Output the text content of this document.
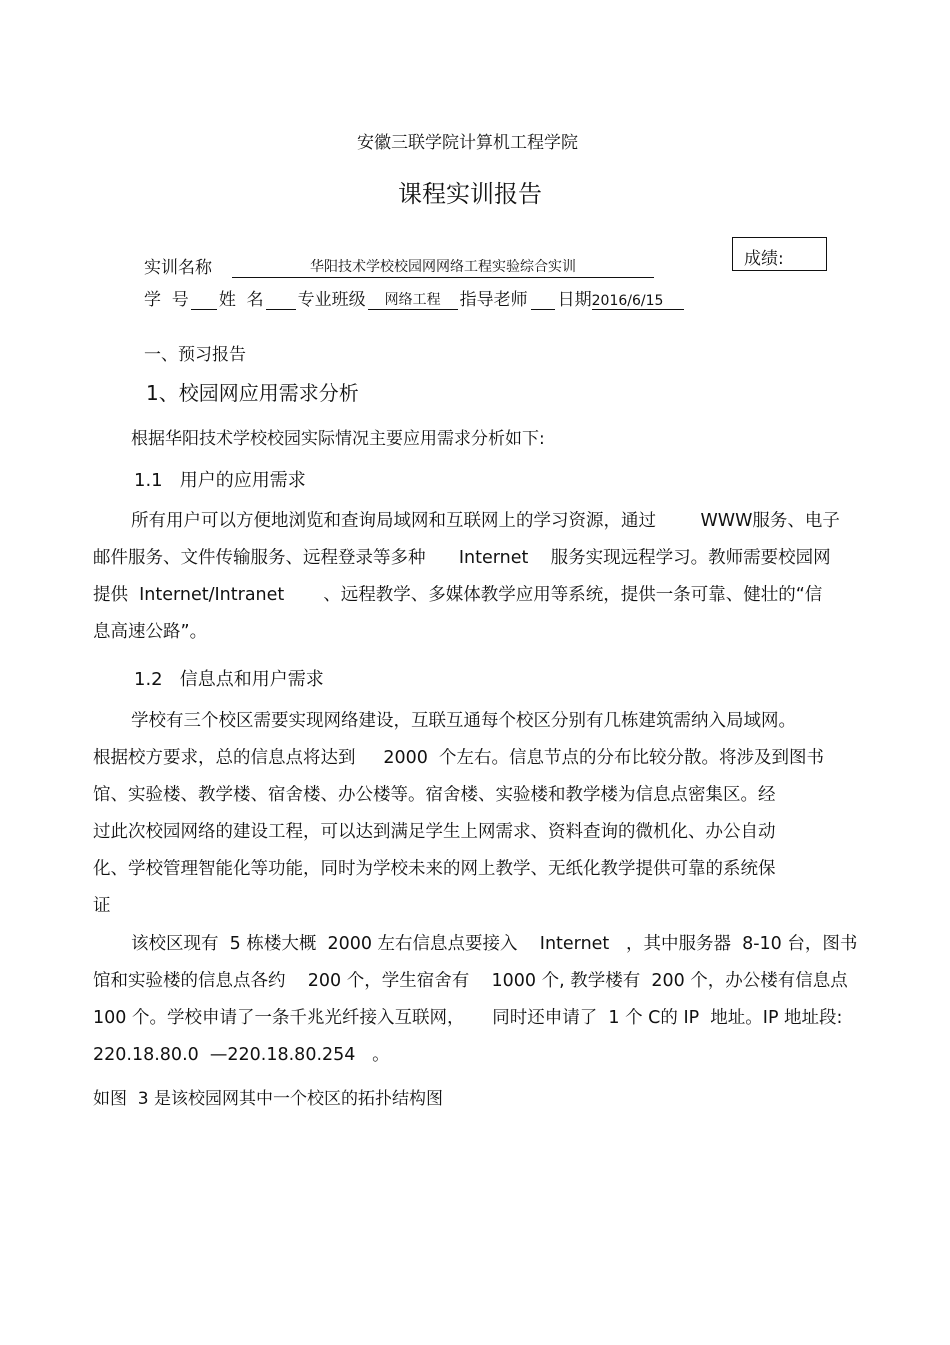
安徽三联学院计算机工程学院
课程实训报告
成绩:
实训名称	华阳技术学校校园网网络工程实验综合实训
学  号 姓  名 专业班级	网络工程	指导老师 日期 2016/6/15
一、预习报告
1、校园网应用需求分析
根据华阳技术学校校园实际情况主要应用需求分析如下:
1.1   用户的应用需求
所有用户可以方便地浏览和查询局域网和互联网上的学习资源，通过        WWW服务、电子
邮件服务、文件传输服务、远程登录等多种      Internet    服务实现远程学习。教师需要校园网
提供  Internet/Intranet       、远程教学、多媒体教学应用等系统，提供一条可靠、健壮的“信
息高速公路”。
1.2   信息点和用户需求
学校有三个校区需要实现网络建设，互联互通每个校区分别有几栋建筑需纳入局域网。
根据校方要求，总的信息点将达到     2000  个左右。信息节点的分布比较分散。将涉及到图书
馆、实验楼、教学楼、宿舍楼、办公楼等。宿舍楼、实验楼和教学楼为信息点密集区。经
过此次校园网络的建设工程，可以达到满足学生上网需求、资料查询的微机化、办公自动
化、学校管理智能化等功能，同时为学校未来的网上教学、无纸化教学提供可靠的系统保
证
该校区现有  5 栋楼大概  2000 左右信息点要接入    Internet   ，其中服务器  8-10 台，图书
馆和实验楼的信息点各约    200 个，学生宿舍有    1000 个, 教学楼有  200 个，办公楼有信息点
100 个。学校申请了一条千兆光纤接入互联网，     同时还申请了  1 个 C的 IP  地址。IP 地址段:
220.18.80.0  —220.18.80.254   。
如图  3 是该校园网其中一个校区的拓扑结构图
